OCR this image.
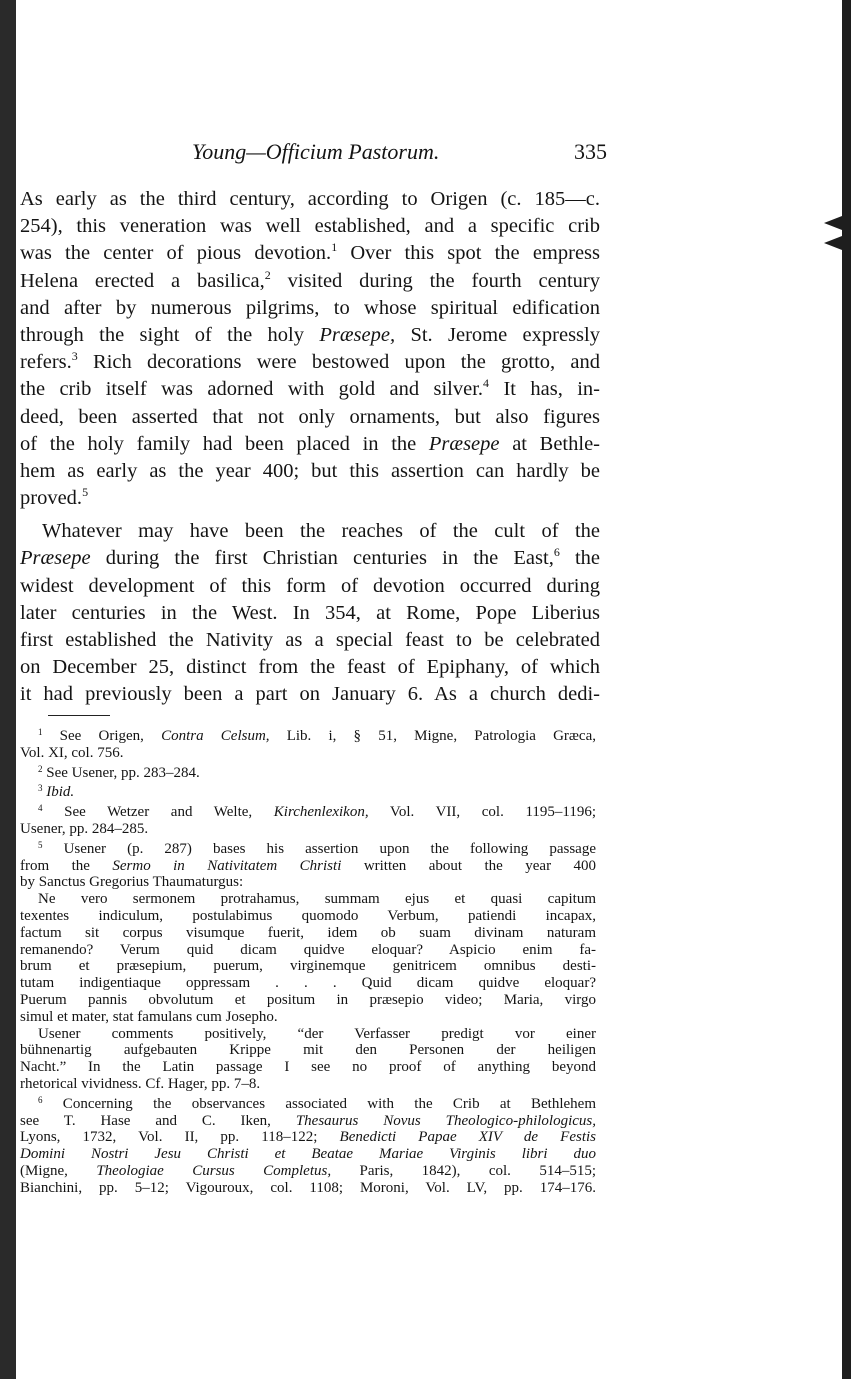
Young—Officium Pastorum.	335
As early as the third century, according to Origen (c. 185—c.
254), this veneration was well established, and a specific crib
was the center of pious devotion.$^1$ Over this spot the empress
Helena erected a basilica,$^2$ visited during the fourth century
and after by numerous pilgrims, to whose spiritual edification
through the sight of the holy Præsepe, St. Jerome expressly
refers.$^3$ Rich decorations were bestowed upon the grotto, and
the crib itself was adorned with gold and silver.$^4$ It has, in-
deed, been asserted that not only ornaments, but also figures
of the holy family had been placed in the Præsepe at Bethle-
hem as early as the year 400; but this assertion can hardly be
proved.$^5$
Whatever may have been the reaches of the cult of the
Præsepe during the first Christian centuries in the East,$^6$ the
widest development of this form of devotion occurred during
later centuries in the West. In 354, at Rome, Pope Liberius
first established the Nativity as a special feast to be celebrated
on December 25, distinct from the feast of Epiphany, of which
it had previously been a part on January 6. As a church dedi-
$^1$ See Origen, Contra Celsum, Lib. i, § 51, Migne, Patrologia Græca,
Vol. XI, col. 756.
$^2$ See Usener, pp. 283–284.
$^3$ Ibid.
$^4$ See Wetzer and Welte, Kirchenlexikon, Vol. VII, col. 1195–1196;
Usener, pp. 284–285.
$^5$ Usener (p. 287) bases his assertion upon the following passage
from the Sermo in Nativitatem Christi written about the year 400
by Sanctus Gregorius Thaumaturgus:
Ne vero sermonem protrahamus, summam ejus et quasi capitum
texentes indiculum, postulabimus quomodo Verbum, patiendi incapax,
factum sit corpus visumque fuerit, idem ob suam divinam naturam
remanendo? Verum quid dicam quidve eloquar? Aspicio enim fa-
brum et præsepium, puerum, virginemque genitricem omnibus desti-
tutam indigentiaque oppressam . . . Quid dicam quidve eloquar?
Puerum pannis obvolutum et positum in præsepio video; Maria, virgo
simul et mater, stat famulans cum Josepho.
Usener comments positively, “der Verfasser predigt vor einer
bühnenartig aufgebauten Krippe mit den Personen der heiligen
Nacht.” In the Latin passage I see no proof of anything beyond
rhetorical vividness. Cf. Hager, pp. 7–8.
$^6$ Concerning the observances associated with the Crib at Bethlehem
see T. Hase and C. Iken, Thesaurus Novus Theologico-philologicus,
Lyons, 1732, Vol. II, pp. 118–122; Benedicti Papae XIV de Festis
Domini Nostri Jesu Christi et Beatae Mariae Virginis libri duo
(Migne, Theologiae Cursus Completus, Paris, 1842), col. 514–515;
Bianchini, pp. 5–12; Vigouroux, col. 1108; Moroni, Vol. LV, pp. 174–176.
